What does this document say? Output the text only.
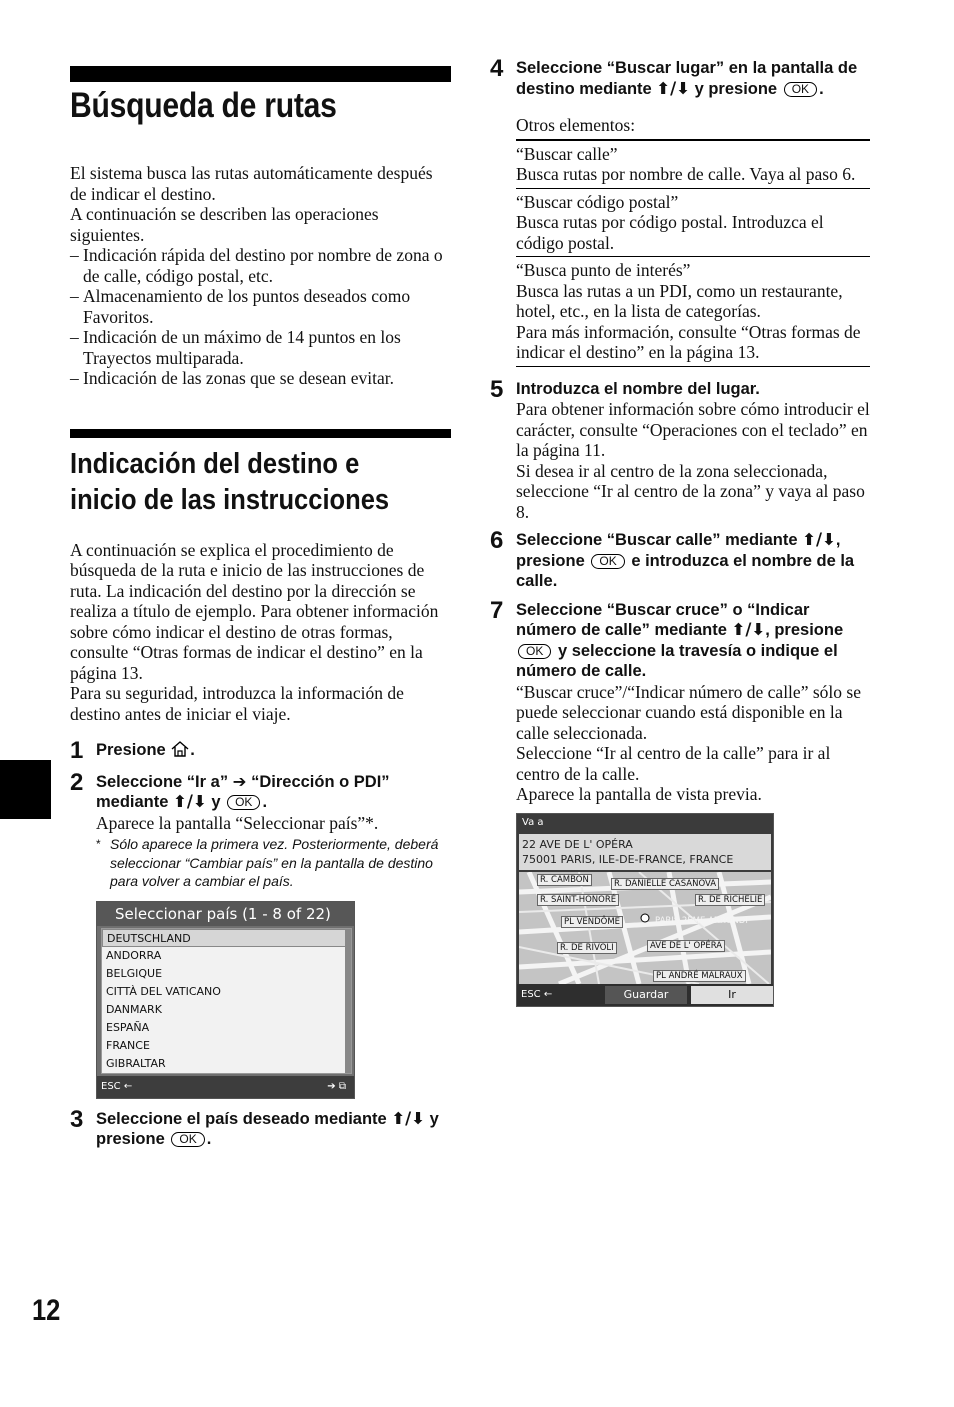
Búsqueda de rutas

El sistema busca las rutas automáticamente después de indicar el destino.

A continuación se describen las operaciones siguientes.

– Indicación rápida del destino por nombre de zona o de calle, código postal, etc.
– Almacenamiento de los puntos deseados como Favoritos.
– Indicación de un máximo de 14 puntos en los Trayectos multiparada.
– Indicación de las zonas que se desean evitar.
Indicación del destino e
inicio de las instrucciones

A continuación se explica el procedimiento de búsqueda de la ruta e inicio de las instrucciones de ruta. La indicación del destino por la dirección se realiza a título de ejemplo. Para obtener información sobre cómo indicar el destino de otras formas, consulte “Otras formas de indicar el destino” en la página 13.

Para su seguridad, introduzca la información de destino antes de iniciar el viaje.

1 Presione .
2 Seleccione “Ir a” ➔ “Dirección o PDI” mediante ⬆/⬇ y OK .

Aparece la pantalla “Seleccionar país”*.

* Sólo aparece la primera vez. Posteriormente, deberá seleccionar “Cambiar país” en la pantalla de destino para volver a cambiar el país.
Seleccionar país (1 - 8 of 22)
DEUTSCHLAND
ANDORRA
BELGIQUE
CITTÀ DEL VATICANO
DANMARK
ESPAÑA
FRANCE
GIBRALTAR
ESC ←	➔ ⧉
3 Seleccione el país deseado mediante ⬆/⬇ y presione OK .
4 Seleccione “Buscar lugar” en la pantalla de destino mediante ⬆/⬇ y presione OK .
Otros elementos:
“Buscar calle”
Busca rutas por nombre de calle. Vaya al paso 6.
“Buscar código postal”
Busca rutas por código postal. Introduzca el código postal.
“Busca punto de interés”
Busca las rutas a un PDI, como un restaurante, hotel, etc., en la lista de categorías.
Para más información, consulte “Otras formas de indicar el destino” en la página 13.
5 Introduzca el nombre del lugar.

Para obtener información sobre cómo introducir el carácter, consulte “Operaciones con el teclado” en la página 11.

Si desea ir al centro de la zona seleccionada, seleccione “Ir al centro de la zona” y vaya al paso 8.

6 Seleccione “Buscar calle” mediante ⬆/⬇, presione OK e introduzca el nombre de la calle.
7 Seleccione “Buscar cruce” o “Indicar número de calle” mediante ⬆/⬇, presione OK y seleccione la travesía o indique el número de calle.

“Buscar cruce”/“Indicar número de calle” sólo se puede seleccionar cuando está disponible en la calle seleccionada.

Seleccione “Ir al centro de la calle” para ir al centro de la calle.

Aparece la pantalla de vista previa.

Va a
22 AVE DE L' OPÉRA
75001 PARIS, ILE-DE-FRANCE, FRANCE
R. CAMBON	R. DANIELLE CASANOVA
R. SAINT-HONORÉ	R. DE RICHELIE
PL VENDÔME	PARIS 2EME ARRONDI
R. DE RIVOLI	AVE DE L' OPÉRA
PL ANDRÉ MALRAUX
ESC ←	Guardar	Ir
12
